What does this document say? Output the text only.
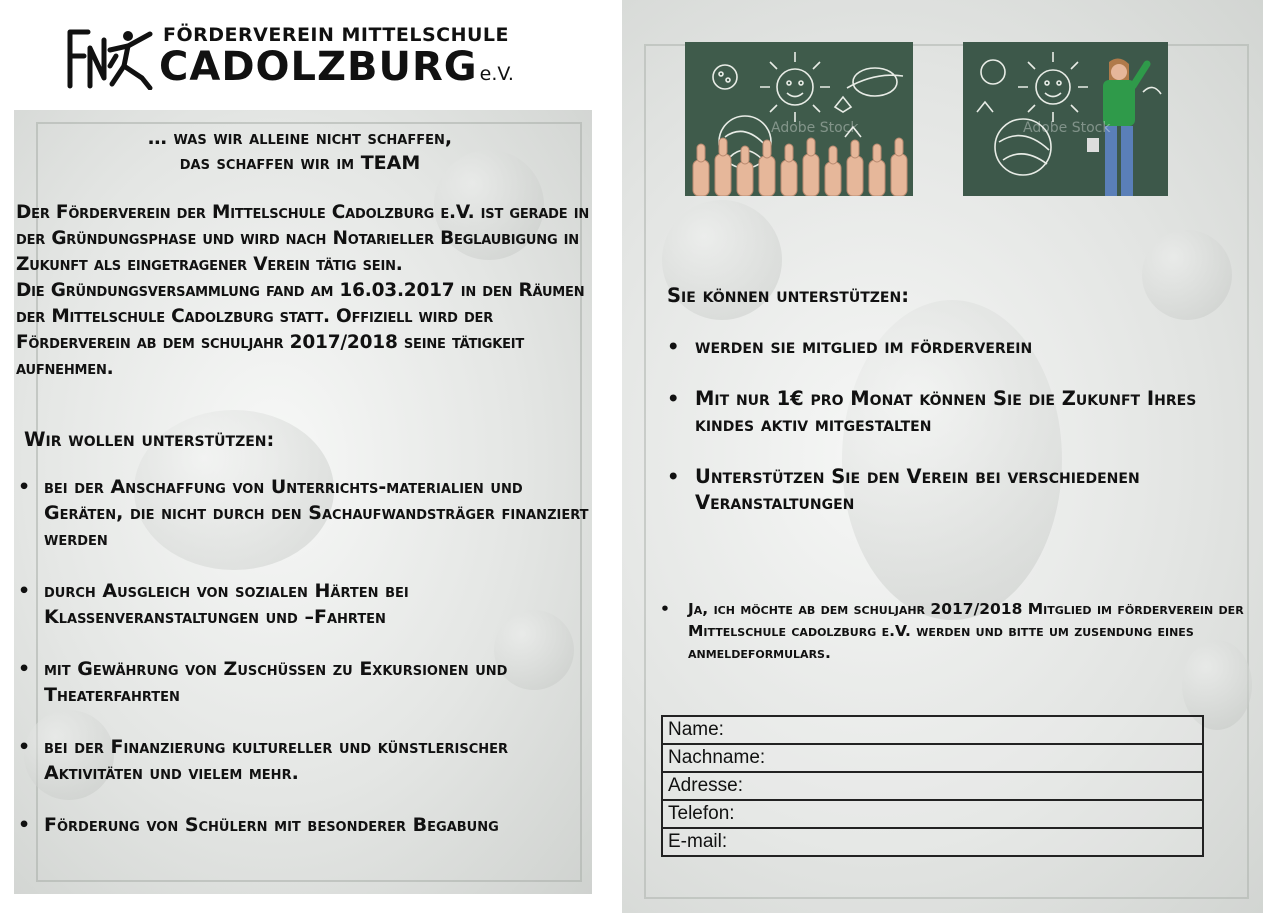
FÖRDERVEREIN MITTELSCHULE
CADOLZBURG e.V.
… was wir alleine nicht schaffen,
das schaffen wir im TEAM

Der Förderverein der Mittelschule Cadolzburg e.V. ist gerade in der Gründungsphase und wird nach Notarieller Beglaubigung in Zukunft als eingetragener Verein tätig sein.

Die Gründungsversammlung fand am 16.03.2017 in den Räumen der Mittelschule Cadolzburg statt. Offiziell wird der Förderverein ab dem schuljahr 2017/2018 seine tätigkeit aufnehmen.

Wir wollen unterstützen:
• bei der Anschaffung von Unterrichts-materialien und Geräten, die nicht durch den Sachaufwandsträger finanziert werden
• durch Ausgleich von sozialen Härten bei Klassenveranstaltungen und –Fahrten
• mit Gewährung von Zuschüssen zu Exkursionen und Theaterfahrten
• bei der Finanzierung kultureller und künstlerischer Aktivitäten und vielem mehr.
• Förderung von Schülern mit besonderer Begabung
Adobe Stock	Adobe Stock
Sie können unterstützen:
• werden sie mitglied im förderverein
• Mit nur 1€ pro Monat können Sie die Zukunft Ihres kindes aktiv mitgestalten
• Unterstützen Sie den Verein bei verschiedenen Veranstaltungen
• Ja, ich möchte ab dem schuljahr 2017/2018 Mitglied im förderverein der Mittelschule cadolzburg e.V. werden und bitte um zusendung eines anmeldeformulars.
Name:
Nachname:
Adresse:
Telefon:
E-mail:
